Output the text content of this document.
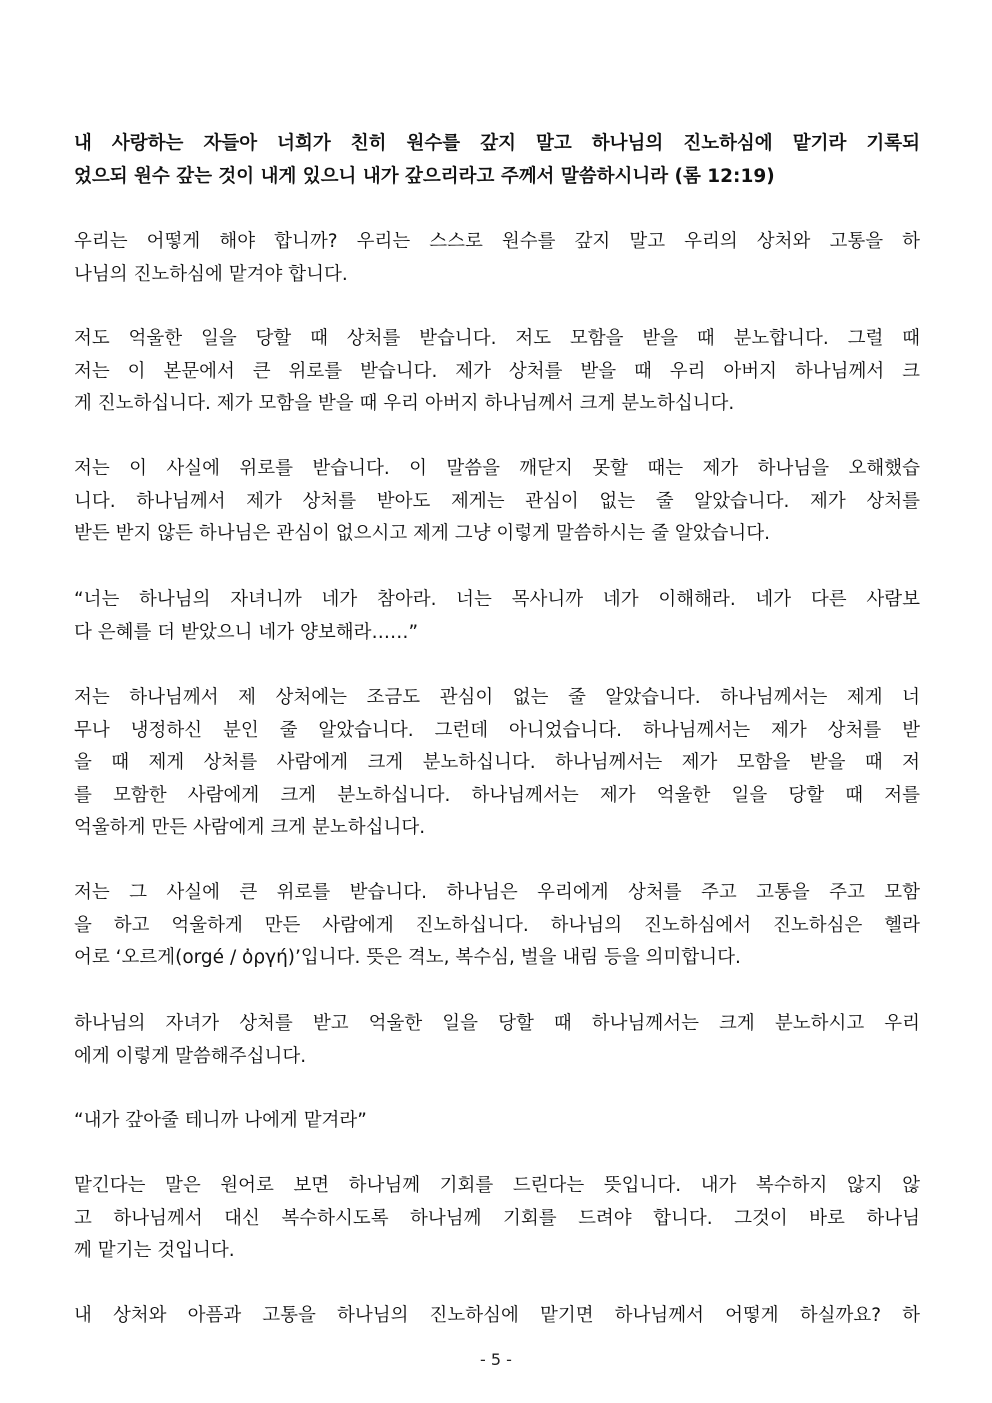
내 사랑하는 자들아 너희가 친히 원수를 갚지 말고 하나님의 진노하심에 맡기라 기록되
었으되 원수 갚는 것이 내게 있으니 내가 갚으리라고 주께서 말씀하시니라 (롬 12:19)
우리는 어떻게 해야 합니까? 우리는 스스로 원수를 갚지 말고 우리의 상처와 고통을 하
나님의 진노하심에 맡겨야 합니다.
저도 억울한 일을 당할 때 상처를 받습니다. 저도 모함을 받을 때 분노합니다. 그럴 때
저는 이 본문에서 큰 위로를 받습니다. 제가 상처를 받을 때 우리 아버지 하나님께서 크
게 진노하십니다. 제가 모함을 받을 때 우리 아버지 하나님께서 크게 분노하십니다.
저는 이 사실에 위로를 받습니다. 이 말씀을 깨닫지 못할 때는 제가 하나님을 오해했습
니다. 하나님께서 제가 상처를 받아도 제게는 관심이 없는 줄 알았습니다. 제가 상처를
받든 받지 않든 하나님은 관심이 없으시고 제게 그냥 이렇게 말씀하시는 줄 알았습니다.
“너는 하나님의 자녀니까 네가 참아라. 너는 목사니까 네가 이해해라. 네가 다른 사람보
다 은혜를 더 받았으니 네가 양보해라……”
저는 하나님께서 제 상처에는 조금도 관심이 없는 줄 알았습니다. 하나님께서는 제게 너
무나 냉정하신 분인 줄 알았습니다. 그런데 아니었습니다. 하나님께서는 제가 상처를 받
을 때 제게 상처를 사람에게 크게 분노하십니다. 하나님께서는 제가 모함을 받을 때 저
를 모함한 사람에게 크게 분노하십니다. 하나님께서는 제가 억울한 일을 당할 때 저를
억울하게 만든 사람에게 크게 분노하십니다.
저는 그 사실에 큰 위로를 받습니다. 하나님은 우리에게 상처를 주고 고통을 주고 모함
을 하고 억울하게 만든 사람에게 진노하십니다. 하나님의 진노하심에서 진노하심은 헬라
어로 ‘오르게(orgé / ὀργή)’입니다. 뜻은 격노, 복수심, 벌을 내림 등을 의미합니다.
하나님의 자녀가 상처를 받고 억울한 일을 당할 때 하나님께서는 크게 분노하시고 우리
에게 이렇게 말씀해주십니다.
“내가 갚아줄 테니까 나에게 맡겨라”
맡긴다는 말은 원어로 보면 하나님께 기회를 드린다는 뜻입니다. 내가 복수하지 않지 않
고 하나님께서 대신 복수하시도록 하나님께 기회를 드려야 합니다. 그것이 바로 하나님
께 맡기는 것입니다.
내 상처와 아픔과 고통을 하나님의 진노하심에 맡기면 하나님께서 어떻게 하실까요? 하
- 5 -
